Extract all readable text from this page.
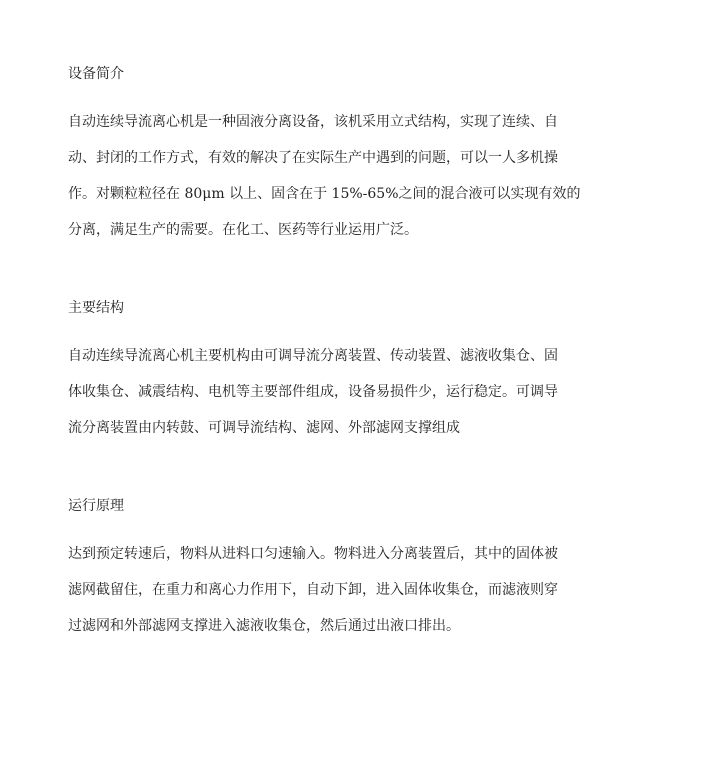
设备简介

自动连续导流离心机是一种固液分离设备，该机采用立式结构，实现了连续、自
动、封闭的工作方式，有效的解决了在实际生产中遇到的问题，可以一人多机操
作。对颗粒粒径在 80μm 以上、固含在于 15%-65%之间的混合液可以实现有效的
分离，满足生产的需要。在化工、医药等行业运用广泛。

主要结构

自动连续导流离心机主要机构由可调导流分离装置、传动装置、滤液收集仓、固
体收集仓、减震结构、电机等主要部件组成，设备易损件少，运行稳定。可调导
流分离装置由内转鼓、可调导流结构、滤网、外部滤网支撑组成

运行原理

达到预定转速后，物料从进料口匀速输入。物料进入分离装置后，其中的固体被
滤网截留住，在重力和离心力作用下，自动下卸，进入固体收集仓，而滤液则穿
过滤网和外部滤网支撑进入滤液收集仓，然后通过出液口排出。
